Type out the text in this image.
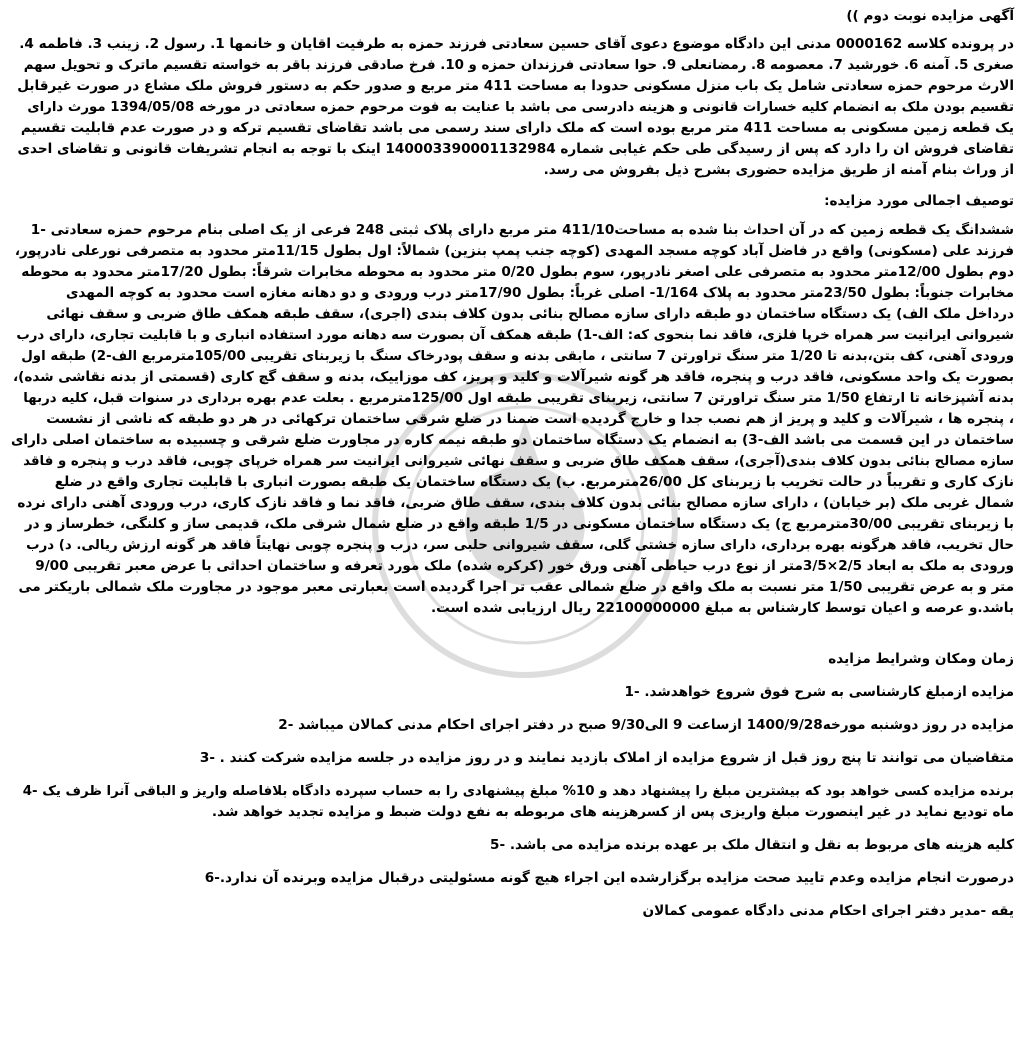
آگهی مزایده نوبت دوم ))
در پرونده کلاسه 0000162 مدنی این دادگاه موضوع دعوی آقای حسین سعادتی فرزند حمزه به طرفیت اقایان و خانمها 1. رسول 2. زینب 3. فاطمه 4.
صغری 5. آمنه 6. خورشید 7. معصومه 8. رمضانعلی 9. حوا سعادتی فرزندان حمزه و 10. فرخ صادقی فرزند باقر به خواسته تقسیم ماترک و تحویل سهم
الارث مرحوم حمزه سعادتی شامل یک باب منزل مسکونی حدودا به مساحت 411 متر مربع و صدور حکم به دستور فروش ملک مشاع در صورت غیرقابل
تقسیم بودن ملک به انضمام کلیه خسارات قانونی و هزینه دادرسی می باشد با عنایت به فوت مرحوم حمزه سعادتی در مورخه 1394/05/08 مورث دارای
یک قطعه زمین مسکونی به مساحت 411 متر مربع بوده است که ملک دارای سند رسمی می باشد تقاضای تقسیم ترکه و در صورت عدم قابلیت تقسیم
تقاضای فروش ان را دارد که پس از رسیدگی طی حکم غیابی شماره 140003390001132984 اینک با توجه به انجام تشریفات قانونی و تقاضای احدی
از وراث بنام آمنه از طریق مزایده حضوری بشرح ذیل بفروش می رسد.
توصیف اجمالی مورد مزایده:
ششدانگ یک قطعه زمین که در آن احداث بنا شده به مساحت411/10 متر مربع دارای پلاک ثبتی 248 فرعی از یک اصلی بنام مرحوم حمزه سعادتی -1
فرزند علی (مسکونی) واقع در فاضل آباد کوچه مسجد المهدی (کوچه جنب پمپ بنزین) شمالاً: اول بطول 11/15متر محدود به متصرفی نورعلی نادرپور،
دوم بطول 12/00متر محدود به متصرفی علی اصغر نادرپور، سوم بطول 0/20 متر محدود به محوطه مخابرات شرقاً: بطول 17/20متر محدود به محوطه
مخابرات جنوباً: بطول 23/50متر محدود به پلاک 1/164- اصلی غرباً: بطول 17/90متر درب ورودی و دو دهانه مغازه است محدود به کوچه المهدی
درداخل ملک الف) یک دستگاه ساختمان دو طبقه دارای سازه مصالح بنائی بدون کلاف بندی (اجری)، سقف طبقه همکف طاق ضربی و سقف نهائی
شیروانی ایرانیت سر همراه خرپا فلزی، فاقد نما بنحوی که: الف-1) طبقه همکف آن بصورت سه دهانه مورد استفاده انباری و با قابلیت تجاری، دارای درب
ورودی آهنی، کف بتن،بدنه تا 1/20 متر سنگ تراورتن 7 سانتی ، مابقی بدنه و سقف پودرخاک سنگ با زیربنای تقریبی 105/00مترمربع الف-2) طبقه اول
بصورت یک واحد مسکونی، فاقد درب و پنجره، فاقد هر گونه شیرآلات و کلید و پریز، کف موزاییک، بدنه و سقف گچ کاری (قسمتی از بدنه نقاشی شده)،
بدنه آشپزخانه تا ارتفاع 1/50 متر سنگ تراورتن 7 سانتی، زیربنای تقریبی طبقه اول 125/00مترمربع . بعلت عدم بهره برداری در سنوات قبل، کلیه دربها
، پنجره ها ، شیرآلات و کلید و پریز از هم نصب جدا و خارج گردیده است ضمنا در ضلع شرقی ساختمان ترکهائی در هر دو طبقه که ناشی از نشست
ساختمان در این قسمت می باشد الف-3) به انضمام یک دستگاه ساختمان دو طبقه نیمه کاره در مجاورت ضلع شرقی و چسبیده به ساختمان اصلی دارای
سازه مصالح بنائی بدون کلاف بندی(آجری)، سقف همکف طاق ضربی و سقف نهائی شیروانی ایرانیت سر همراه خرپای چوبی، فاقد درب و پنجره و فاقد
نازک کاری و تقریباً در حالت تخریب با زیربنای کل 26/00مترمربع. ب) یک دستگاه ساختمان یک طبقه بصورت انباری با قابلیت تجاری واقع در ضلع
شمال غربی ملک (بر خیابان) ، دارای سازه مصالح بنائی بدون کلاف بندی، سقف طاق ضربی، فاقد نما و فاقد نازک کاری، درب ورودی آهنی دارای نرده
با زیربنای تقریبی 30/00مترمربع ج) یک دستگاه ساختمان مسکونی در 1/5 طبقه واقع در ضلع شمال شرقی ملک، قدیمی ساز و کلنگی، خطرساز و در
حال تخریب، فاقد هرگونه بهره برداری، دارای سازه خشتی گلی، سقف شیروانی حلبی سر، درب و پنجره چوبی نهایتاً فاقد هر گونه ارزش ریالی. د) درب
ورودی به ملک به ابعاد 2/5×3/5متر از نوع درب حیاطی آهنی ورق خور (کرکره شده) ملک مورد تعرفه و ساختمان احداثی با عرض معبر تقریبی 9/00
متر و به عرض تقریبی 1/50 متر نسبت به ملک واقع در ضلع شمالی عقب تر اجرا گردیده است بعبارتی معبر موجود در مجاورت ملک شمالی باریکتر می
باشد.و عرصه و اعیان توسط کارشناس به مبلغ 22100000000 ریال ارزیابی شده است.
زمان ومکان وشرایط مزایده
مزایده ازمبلغ کارشناسی به شرح فوق شروع خواهدشد. -1
مزایده در روز دوشنبه مورخه1400/9/28 ازساعت 9 الی9/30 صبح در دفتر اجرای احکام مدنی کمالان میباشد -2
متقاضیان می توانند تا پنج روز قبل از شروع مزایده از املاک بازدید نمایند و در روز مزایده در جلسه مزایده شرکت کنند . -3
برنده مزایده کسی خواهد بود که بیشترین مبلغ را پیشنهاد دهد و 10% مبلغ پیشنهادی را به حساب سپرده دادگاه بلافاصله واریز و الباقی آنرا ظرف یک -4
ماه تودیع نماید در غیر اینصورت مبلغ واریزی پس از کسرهزینه های مربوطه به نفع دولت ضبط و مزایده تجدید خواهد شد.
کلیه هزینه های مربوط به نقل و انتقال ملک بر عهده برنده مزایده می باشد. -5
درصورت انجام مزایده وعدم تایید صحت مزایده برگزارشده این اجراء هیچ گونه مسئولیتی درقبال مزایده وبرنده آن ندارد.-6
یقه -مدیر دفتر اجرای احکام مدنی دادگاه عمومی کمالان
